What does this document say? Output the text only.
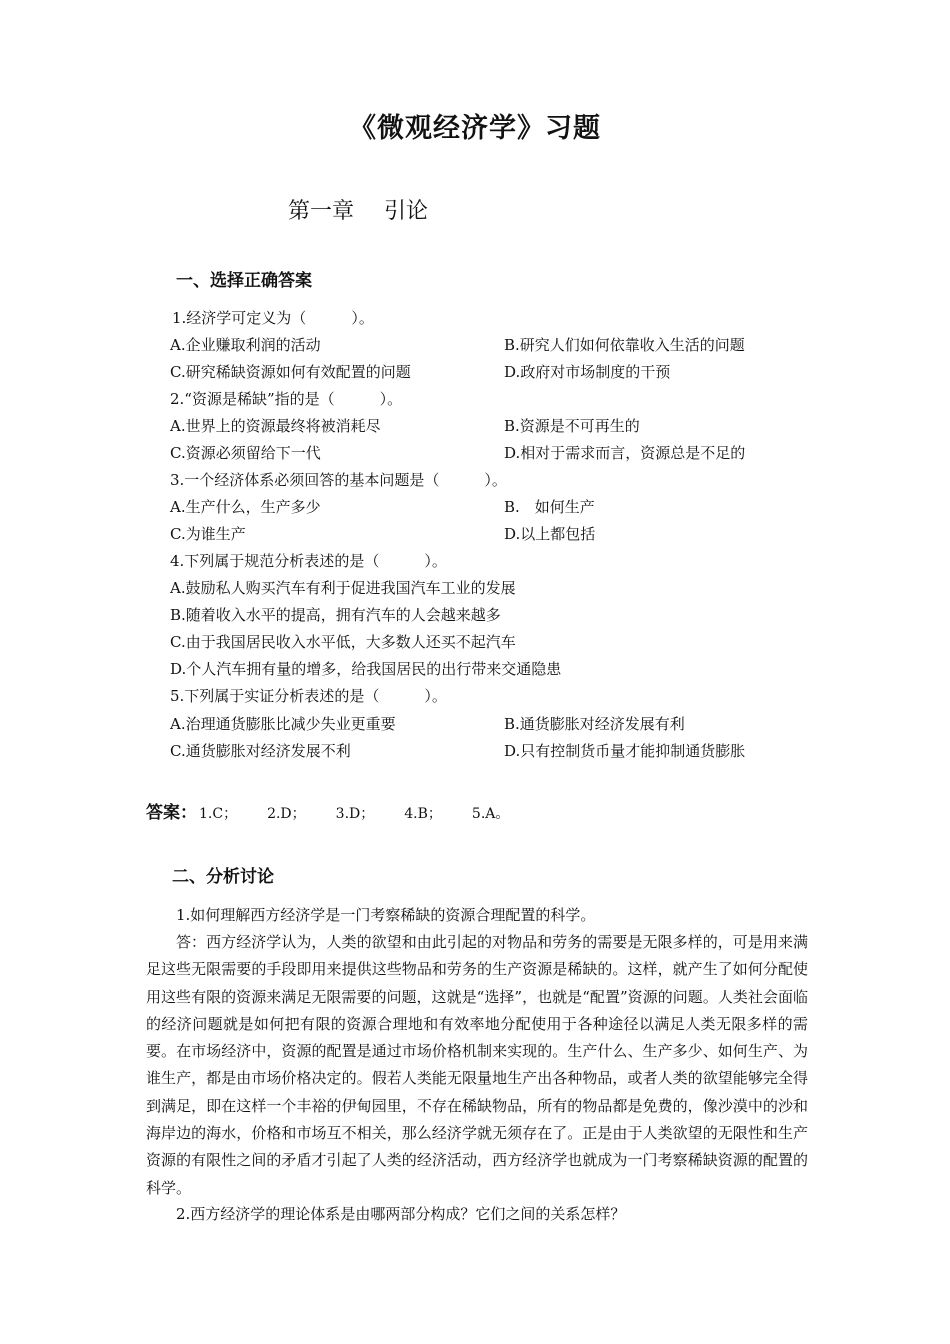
《微观经济学》习题
第一章 引论
一、选择正确答案
1.经济学可定义为（　　　）。
A.企业赚取利润的活动	B.研究人们如何依靠收入生活的问题
C.研究稀缺资源如何有效配置的问题	D.政府对市场制度的干预
2.“资源是稀缺”指的是（　　　）。
A.世界上的资源最终将被消耗尽	B.资源是不可再生的
C.资源必须留给下一代	D.相对于需求而言，资源总是不足的
3.一个经济体系必须回答的基本问题是（　　　）。
A.生产什么，生产多少	B.　如何生产
C.为谁生产	D.以上都包括
4.下列属于规范分析表述的是（　　　）。
A.鼓励私人购买汽车有利于促进我国汽车工业的发展
B.随着收入水平的提高，拥有汽车的人会越来越多
C.由于我国居民收入水平低，大多数人还买不起汽车
D.个人汽车拥有量的增多，给我国居民的出行带来交通隐患
5.下列属于实证分析表述的是（　　　）。
A.治理通货膨胀比减少失业更重要	B.通货膨胀对经济发展有利
C.通货膨胀对经济发展不利	D.只有控制货币量才能抑制通货膨胀
答案： 1.C； 2.D； 3.D； 4.B； 5.A。
二、分析讨论
1.如何理解西方经济学是一门考察稀缺的资源合理配置的科学。
答：西方经济学认为，人类的欲望和由此引起的对物品和劳务的需要是无限多样的，可是用来满足这些无限需要的手段即用来提供这些物品和劳务的生产资源是稀缺的。这样，就产生了如何分配使用这些有限的资源来满足无限需要的问题，这就是“选择”，也就是“配置”资源的问题。人类社会面临的经济问题就是如何把有限的资源合理地和有效率地分配使用于各种途径以满足人类无限多样的需要。在市场经济中，资源的配置是通过市场价格机制来实现的。生产什么、生产多少、如何生产、为谁生产，都是由市场价格决定的。假若人类能无限量地生产出各种物品，或者人类的欲望能够完全得到满足，即在这样一个丰裕的伊甸园里，不存在稀缺物品，所有的物品都是免费的，像沙漠中的沙和海岸边的海水，价格和市场互不相关，那么经济学就无须存在了。正是由于人类欲望的无限性和生产资源的有限性之间的矛盾才引起了人类的经济活动，西方经济学也就成为一门考察稀缺资源的配置的科学。
2.西方经济学的理论体系是由哪两部分构成？它们之间的关系怎样？
